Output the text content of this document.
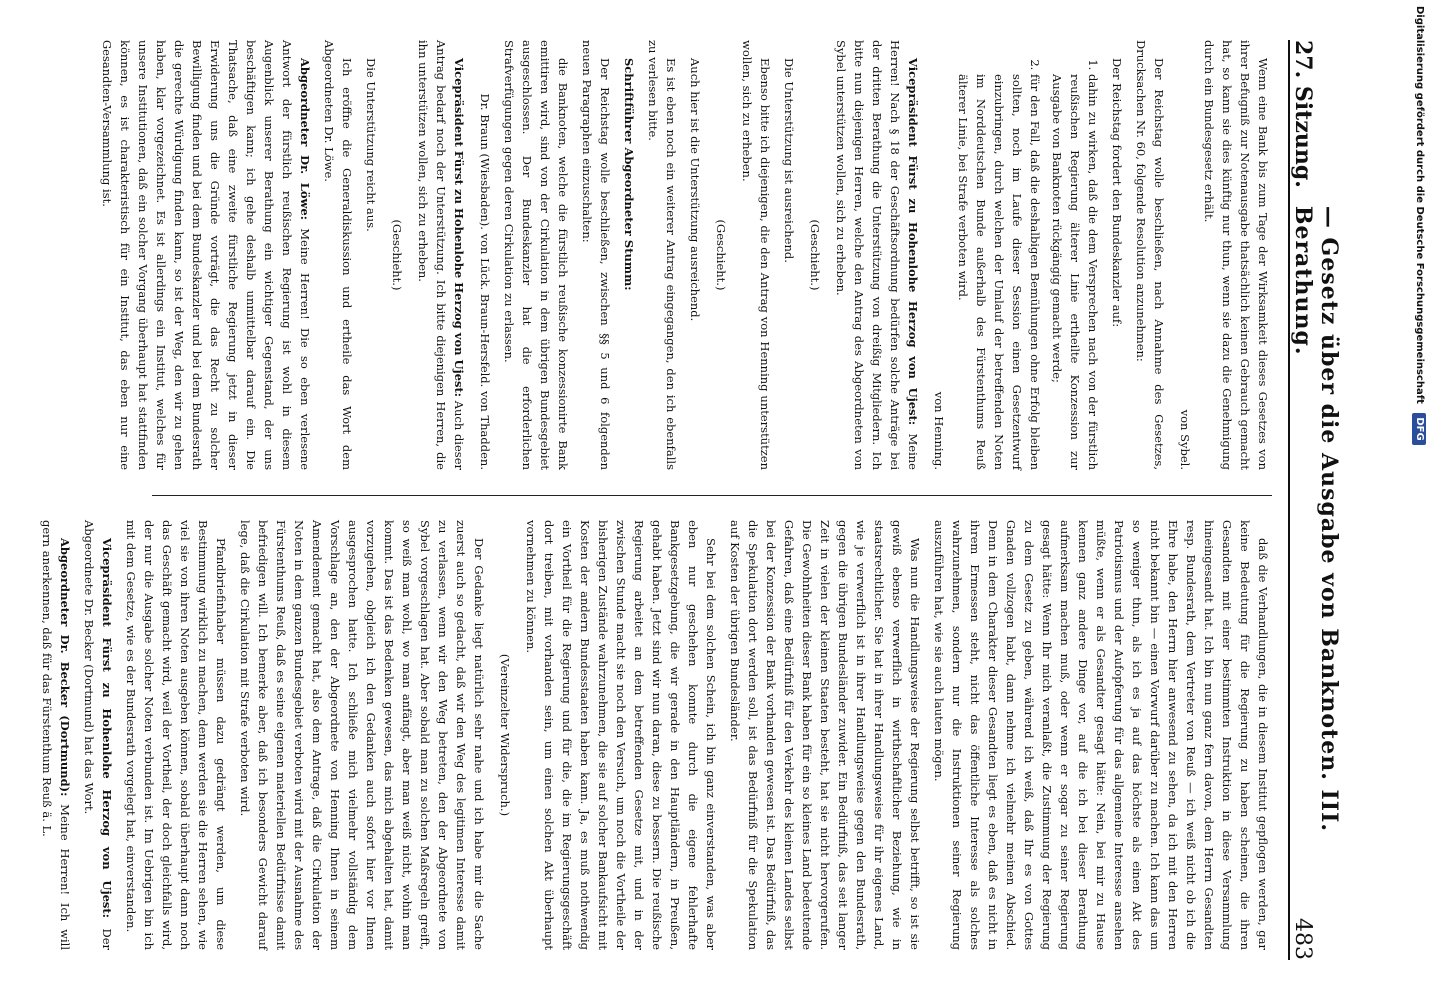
27. Sitzung.
— Gesetz über die Ausgabe von Banknoten. III. Berathung.
483

Wenn eine Bank bis zum Tage der Wirksamkeit dieses Gesetzes von ihrer Befugniß zur Notenausgabe thatsächlich keinen Gebrauch gemacht hat, so kann sie dies künftig nur thun, wenn sie dazu die Genehmigung durch ein Bundesgesetz erhält.

von Sybel.

Der Reichstag wolle beschließen, nach Annahme des Gesetzes, Drucksachen Nr. 60, folgende Resolution anzunehmen:

Der Reichstag fordert den Bundeskanzler auf:

1. dahin zu wirken, daß die dem Versprechen nach von der fürstlich reußischen Regierung älterer Linie ertheilte Konzession zur Ausgabe von Banknoten rückgängig gemacht werde;
2. für den Fall, daß die deshalbigen Bemühungen ohne Erfolg bleiben sollten, noch im Laufe dieser Session einen Gesetzentwurf einzubringen, durch welchen der Umlauf der betreffenden Noten im Norddeutschen Bunde außerhalb des Fürstenthums Reuß älterer Linie, bei Strafe verboten wird.

von Henning.

Vicepräsident Fürst zu Hohenlohe Herzog von Ujest: Meine Herren! Nach § 18 der Geschäftsordnung bedürfen solche Anträge bei der dritten Berathung die Unterstützung von dreißig Mitgliedern. Ich bitte nun diejenigen Herren, welche den Antrag des Abgeordneten von Sybel unterstützen wollen, sich zu erheben.

(Geschieht.)

Die Unterstützung ist ausreichend.

Ebenso bitte ich diejenigen, die den Antrag von Henning unterstützen wollen, sich zu erheben.

(Geschieht.)

Auch hier ist die Unterstützung ausreichend.

Es ist eben noch ein weiterer Antrag eingegangen, den ich ebenfalls zu verlesen bitte.

Schriftführer Abgeordneter Stumm:

Der Reichstag wolle beschließen, zwischen §§ 5 und 6 folgenden neuen Paragraphen einzuschalten:

die Banknoten, welche die fürstlich reußische konzessionirte Bank emittiren wird, sind von der Cirkulation in dem übrigen Bundesgebiet ausgeschlossen. Der Bundeskanzler hat die erforderlichen Strafverfügungen gegen deren Cirkulation zu erlassen.

Dr. Braun (Wiesbaden). von Lück. Braun-Hersfeld. von Thadden.

Vicepräsident Fürst zu Hohenlohe Herzog von Ujest: Auch dieser Antrag bedarf noch der Unterstützung. Ich bitte diejenigen Herren, die ihn unterstützen wollen, sich zu erheben.

(Geschieht.)

Die Unterstützung reicht aus.

Ich eröffne die Generaldiskussion und ertheile das Wort dem Abgeordneten Dr. Löwe.

Abgeordneter Dr. Löwe: Meine Herren! Die so eben verlesene Antwort der fürstlich reußischen Regierung ist wohl in diesem Augenblick unserer Berathung ein wichtiger Gegenstand, der uns beschäftigen kann; ich gehe deshalb unmittelbar darauf ein. Die Thatsache, daß eine zweite fürstliche Regierung jetzt in dieser Erwiderung uns die Gründe vorträgt, die das Recht zu solcher Bewilligung finden und bei dem Bundeskanzler und bei dem Bundesrath die gerechte Würdigung finden kann, so ist der Weg, den wir zu gehen haben, klar vorgezeichnet. Es ist allerdings ein Institut, welches für unsere Institutionen, daß ein solcher Vorgang überhaupt hat stattfinden können, es ist charakteristisch für ein Institut, das eben nur eine Gesandten-Versammlung ist.

daß die Verhandlungen, die in diesem Institut gepflogen werden, gar keine Bedeutung für die Regierung zu haben scheinen, die ihren Gesandten mit einer bestimmten Instruktion in diese Versammlung hineingesandt hat. Ich bin nun ganz fern davon, dem Herrn Gesandten resp. Bundesrath, dem Vertreter von Reuß — ich weiß nicht ob ich die Ehre habe, den Herrn hier anwesend zu sehen, da ich mit den Herren nicht bekannt bin — einen Vorwurf darüber zu machen. Ich kann das um so weniger thun, als ich es ja auf das höchste als einen Akt des Patriotismus und der Aufopferung für das allgemeine Interesse ansehen müßte, wenn er als Gesandter gesagt hätte: Nein, bei mir zu Hause kennen ganz andere Dinge vor, auf die ich bei dieser Berathung aufmerksam machen muß, oder wenn er sogar zu seiner Regierung gesagt hätte: Wenn Ihr mich veranlaßt, die Zustimmung der Regierung zu dem Gesetz zu geben, während ich weiß, daß Ihr es von Gottes Gnaden vollzogen habt, dann nehme ich vielmehr meinen Abschied. Denn in dem Charakter dieser Gesandten liegt es eben, daß es nicht in ihrem Ermessen steht, nicht das öffentliche Interesse als solches wahrzunehmen, sondern nur die Instruktionen seiner Regierung auszuführen hat, wie sie auch lauten mögen.

Was nun die Handlungsweise der Regierung selbst betrifft, so ist sie gewiß ebenso verwerflich in wirthschaftlicher Beziehung, wie in staatsrechtlicher. Sie hat in ihrer Handlungsweise für ihr eigenes Land, wie je verwerflich ist in ihrer Handlungsweise gegen den Bundesrath, gegen die übrigen Bundesländer zuwider. Ein Bedürfniß, das seit langer Zeit in vielen der kleinen Staaten besteht, hat sie nicht hervorgerufen. Die Gewohnheiten dieser Bank haben für ein so kleines Land bedeutende Gefahren, daß eine Bedürfniß für den Verkehr des kleinen Landes selbst bei der Konzession der Bank vorhanden gewesen ist. Das Bedürfniß, das die Spekulation dort werden soll, ist das Bedürfniß für die Spekulation auf Kosten der übrigen Bundesländer.

Sehr bei dem solchen Schein, ich bin ganz einverstanden, was aber eben nur geschehen konnte durch die eigene fehlerhafte Bankgesetzgebung, die wir gerade in den Hauptländern, in Preußen, gehabt haben. Jetzt sind wir nun daran, diese zu bessern. Die reußische Regierung arbeitet an dem betreffenden Gesetze mit, und in der zwischen Stunde macht sie noch den Versuch, um noch die Vortheile der bisherigen Zustände wahrzunehmen, die sie auf solcher Bankaufsicht mit Kosten der andern Bundesstaaten haben kann. Ja, es muß nothwendig ein Vortheil für die Regierung und für die, die im Regierungsgeschäft dort treiben, mit vorhanden sein, um einen solchen Akt überhaupt vornehmen zu können.

(Vereinzelter Widerspruch.)

Der Gedanke liegt natürlich sehr nahe und ich habe mir die Sache zuerst auch so gedacht, daß wir den Weg des legitimen Interesse damit zu verlassen, wenn wir den Weg betreten, den der Abgeordnete von Sybel vorgeschlagen hat. Aber sobald man zu solchen Maßregeln greift, so weiß man wohl, wo man anfängt, aber man weiß nicht, wohin man kommt. Das ist das Bedenken gewesen, das mich abgehalten hat, damit vorzugehen, obgleich ich den Gedanken auch sofort hier vor Ihnen ausgesprochen hatte. Ich schließe mich vielmehr vollständig dem Vorschlage an, den der Abgeordnete von Henning Ihnen in seinem Amendement gemacht hat, also dem Antrage, daß die Cirkulation der Noten in dem ganzen Bundesgebiet verboten wird mit der Ausnahme des Fürstenthums Reuß, daß es seine eigenen materiellen Bedürfnisse damit befriedigen will. Ich bemerke aber, daß ich besonders Gewicht darauf lege, daß die Cirkulation mit Strafe verboten wird.

Pfandbriefinhaber müssen dazu gedrängt werden, um diese Bestimmung wirklich zu machen, denn werden sie die Herren sehen, wie viel sie von ihren Noten ausgeben können, sobald überhaupt dann noch das Geschäft gemacht wird, weil der Vortheil, der doch gleichfalls wird, der nur die Ausgabe solcher Noten verbunden ist. Im Uebrigen bin ich mit dem Gesetze, wie es der Bundesrath vorgelegt hat, einverstanden.

Vicepräsident Fürst zu Hohenlohe Herzog von Ujest: Der Abgeordnete Dr. Becker (Dortmund) hat das Wort.

Abgeordneter Dr. Becker (Dortmund): Meine Herren! Ich will gern anerkennen, daß für das Fürstenthum Reuß ä. L.

Digitalisierung gefördert durch die Deutsche Forschungsgemeinschaft DFG
